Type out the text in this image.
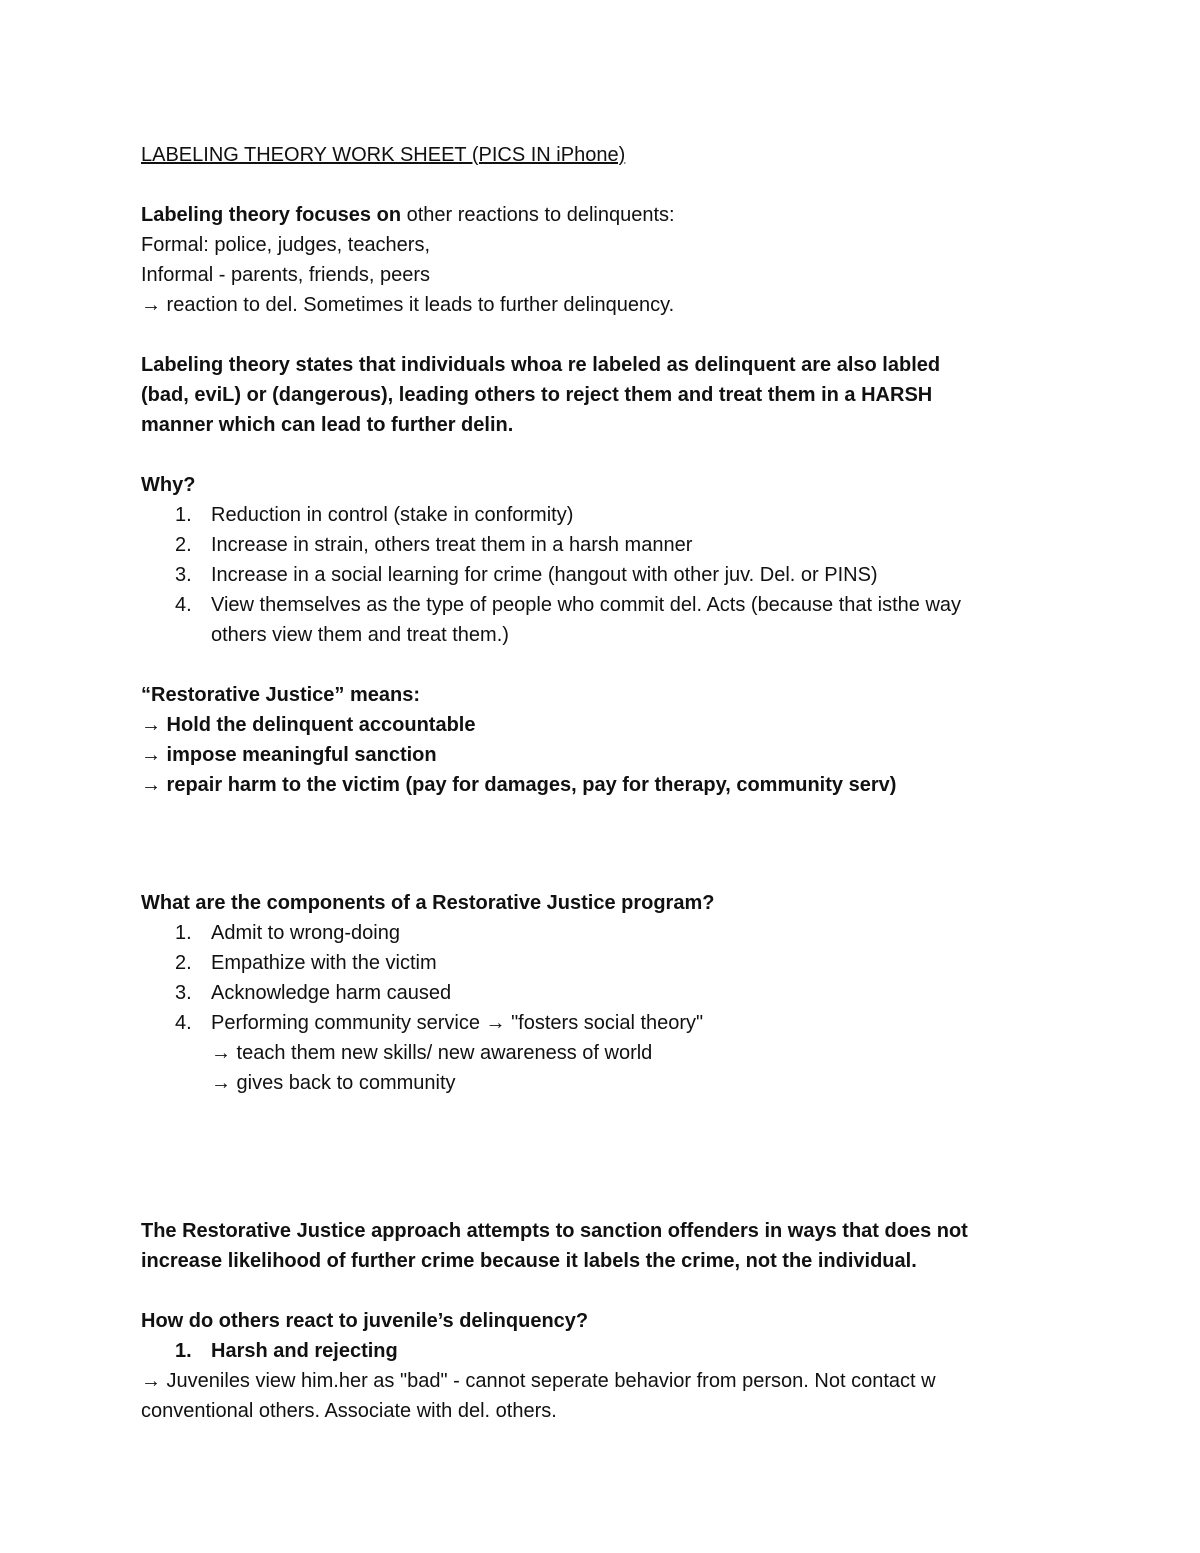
LABELING THEORY WORK SHEET (PICS IN iPhone)

Labeling theory focuses on other reactions to delinquents:

Formal: police, judges, teachers,

Informal - parents, friends, peers

→ reaction to del. Sometimes it leads to further delinquency.

Labeling theory states that individuals whoa re labeled as delinquent are also labled

(bad, eviL) or (dangerous), leading others to reject them and treat them in a HARSH

manner which can lead to further delin.

Why?

1. Reduction in control (stake in conformity)
2. Increase in strain, others treat them in a harsh manner
3. Increase in a social learning for crime (hangout with other juv. Del. or PINS)
4. View themselves as the type of people who commit del. Acts (because that isthe way
others view them and treat them.)

“Restorative Justice” means:

→ Hold the delinquent accountable

→ impose meaningful sanction

→ repair harm to the victim (pay for damages, pay for therapy, community serv)

What are the components of a Restorative Justice program?

1. Admit to wrong-doing
2. Empathize with the victim
3. Acknowledge harm caused
4. Performing community service → "fosters social theory"

→ teach them new skills/ new awareness of world

→ gives back to community

The Restorative Justice approach attempts to sanction offenders in ways that does not

increase likelihood of further crime because it labels the crime, not the individual.

How do others react to juvenile’s delinquency?

1. Harsh and rejecting

→ Juveniles view him.her as "bad" - cannot seperate behavior from person. Not contact w

conventional others. Associate with del. others.
